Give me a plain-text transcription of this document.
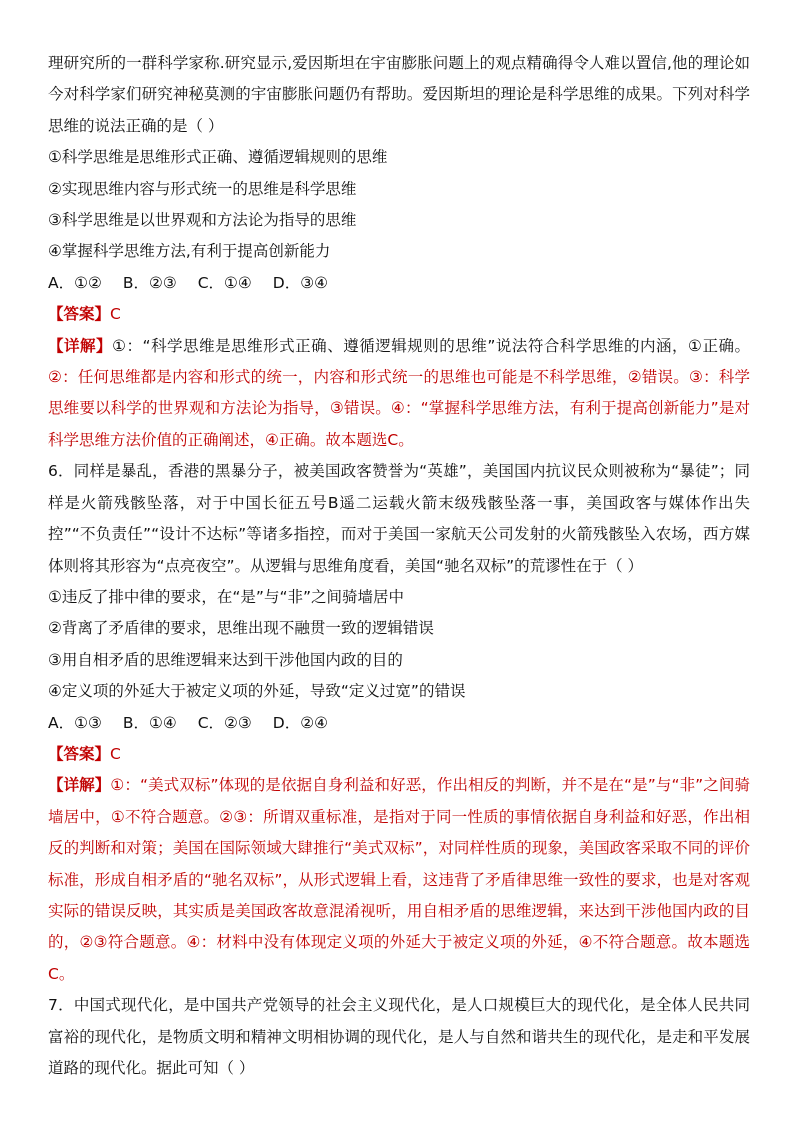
理研究所的一群科学家称.研究显示,爱因斯坦在宇宙膨胀问题上的观点精确得令人难以置信,他的理论如今对科学家们研究神秘莫测的宇宙膨胀问题仍有帮助。爱因斯坦的理论是科学思维的成果。下列对科学思维的说法正确的是（ ）

①科学思维是思维形式正确、遵循逻辑规则的思维

②实现思维内容与形式统一的思维是科学思维

③科学思维是以世界观和方法论为指导的思维

④掌握科学思维方法,有利于提高创新能力

A．①② B．②③ C．①④ D．③④

【答案】C

【详解】①：“科学思维是思维形式正确、遵循逻辑规则的思维”说法符合科学思维的内涵，①正确。②：任何思维都是内容和形式的统一，内容和形式统一的思维也可能是不科学思维，②错误。③：科学思维要以科学的世界观和方法论为指导，③错误。④：“掌握科学思维方法，有利于提高创新能力”是对科学思维方法价值的正确阐述，④正确。故本题选C。

6．同样是暴乱，香港的黑暴分子，被美国政客赞誉为“英雄”，美国国内抗议民众则被称为“暴徒”；同样是火箭残骸坠落，对于中国长征五号B遥二运载火箭末级残骸坠落一事，美国政客与媒体作出失控”“不负责任”“设计不达标”等诸多指控，而对于美国一家航天公司发射的火箭残骸坠入农场，西方媒体则将其形容为“点亮夜空”。从逻辑与思维角度看，美国“驰名双标”的荒谬性在于（ ）

①违反了排中律的要求，在“是”与“非”之间骑墙居中

②背离了矛盾律的要求，思维出现不融贯一致的逻辑错误

③用自相矛盾的思维逻辑来达到干涉他国内政的目的

④定义项的外延大于被定义项的外延，导致“定义过宽”的错误

A．①③ B．①④ C．②③ D．②④

【答案】C

【详解】①：“美式双标”体现的是依据自身利益和好恶，作出相反的判断，并不是在“是”与“非”之间骑墙居中，①不符合题意。②③：所谓双重标准，是指对于同一性质的事情依据自身利益和好恶，作出相反的判断和对策；美国在国际领域大肆推行“美式双标”，对同样性质的现象，美国政客采取不同的评价标准，形成自相矛盾的“驰名双标”，从形式逻辑上看，这违背了矛盾律思维一致性的要求，也是对客观实际的错误反映，其实质是美国政客故意混淆视听，用自相矛盾的思维逻辑，来达到干涉他国内政的目的，②③符合题意。④：材料中没有体现定义项的外延大于被定义项的外延，④不符合题意。故本题选C。

7．中国式现代化，是中国共产党领导的社会主义现代化，是人口规模巨大的现代化，是全体人民共同富裕的现代化，是物质文明和精神文明相协调的现代化，是人与自然和谐共生的现代化，是走和平发展道路的现代化。据此可知（ ）
